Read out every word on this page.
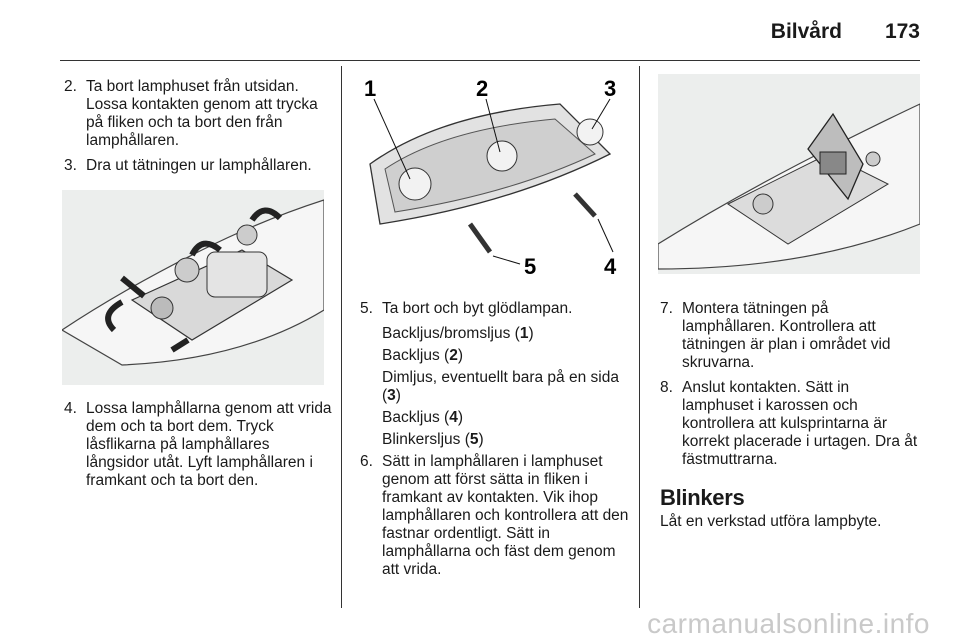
Bilvård 173
2. Ta bort lamphuset från utsidan. Lossa kontakten genom att trycka på fliken och ta bort den från lamphållaren.
3. Dra ut tätningen ur lamphållaren.
4. Lossa lamphållarna genom att vrida dem och ta bort dem. Tryck låsflikarna på lamphållares långsidor utåt. Lyft lamphållaren i framkant och ta bort den.
1	2	3
4
5
5. Ta bort och byt glödlampan.
Backljus/bromsljus (1)
Backljus (2)
Dimljus, eventuellt bara på en sida (3)
Backljus (4)
Blinkersljus (5)
6. Sätt in lamphållaren i lamphuset genom att först sätta in fliken i framkant av kontakten. Vik ihop lamphållaren och kontrollera att den fastnar ordentligt. Sätt in lamphållarna och fäst dem genom att vrida.
7. Montera tätningen på lamphållaren. Kontrollera att tätningen är plan i området vid skruvarna.
8. Anslut kontakten. Sätt in lamphuset i karossen och kontrollera att kulsprintarna är korrekt placerade i urtagen. Dra åt fästmuttrarna.
Blinkers
Låt en verkstad utföra lampbyte.
carmanualsonline.info
